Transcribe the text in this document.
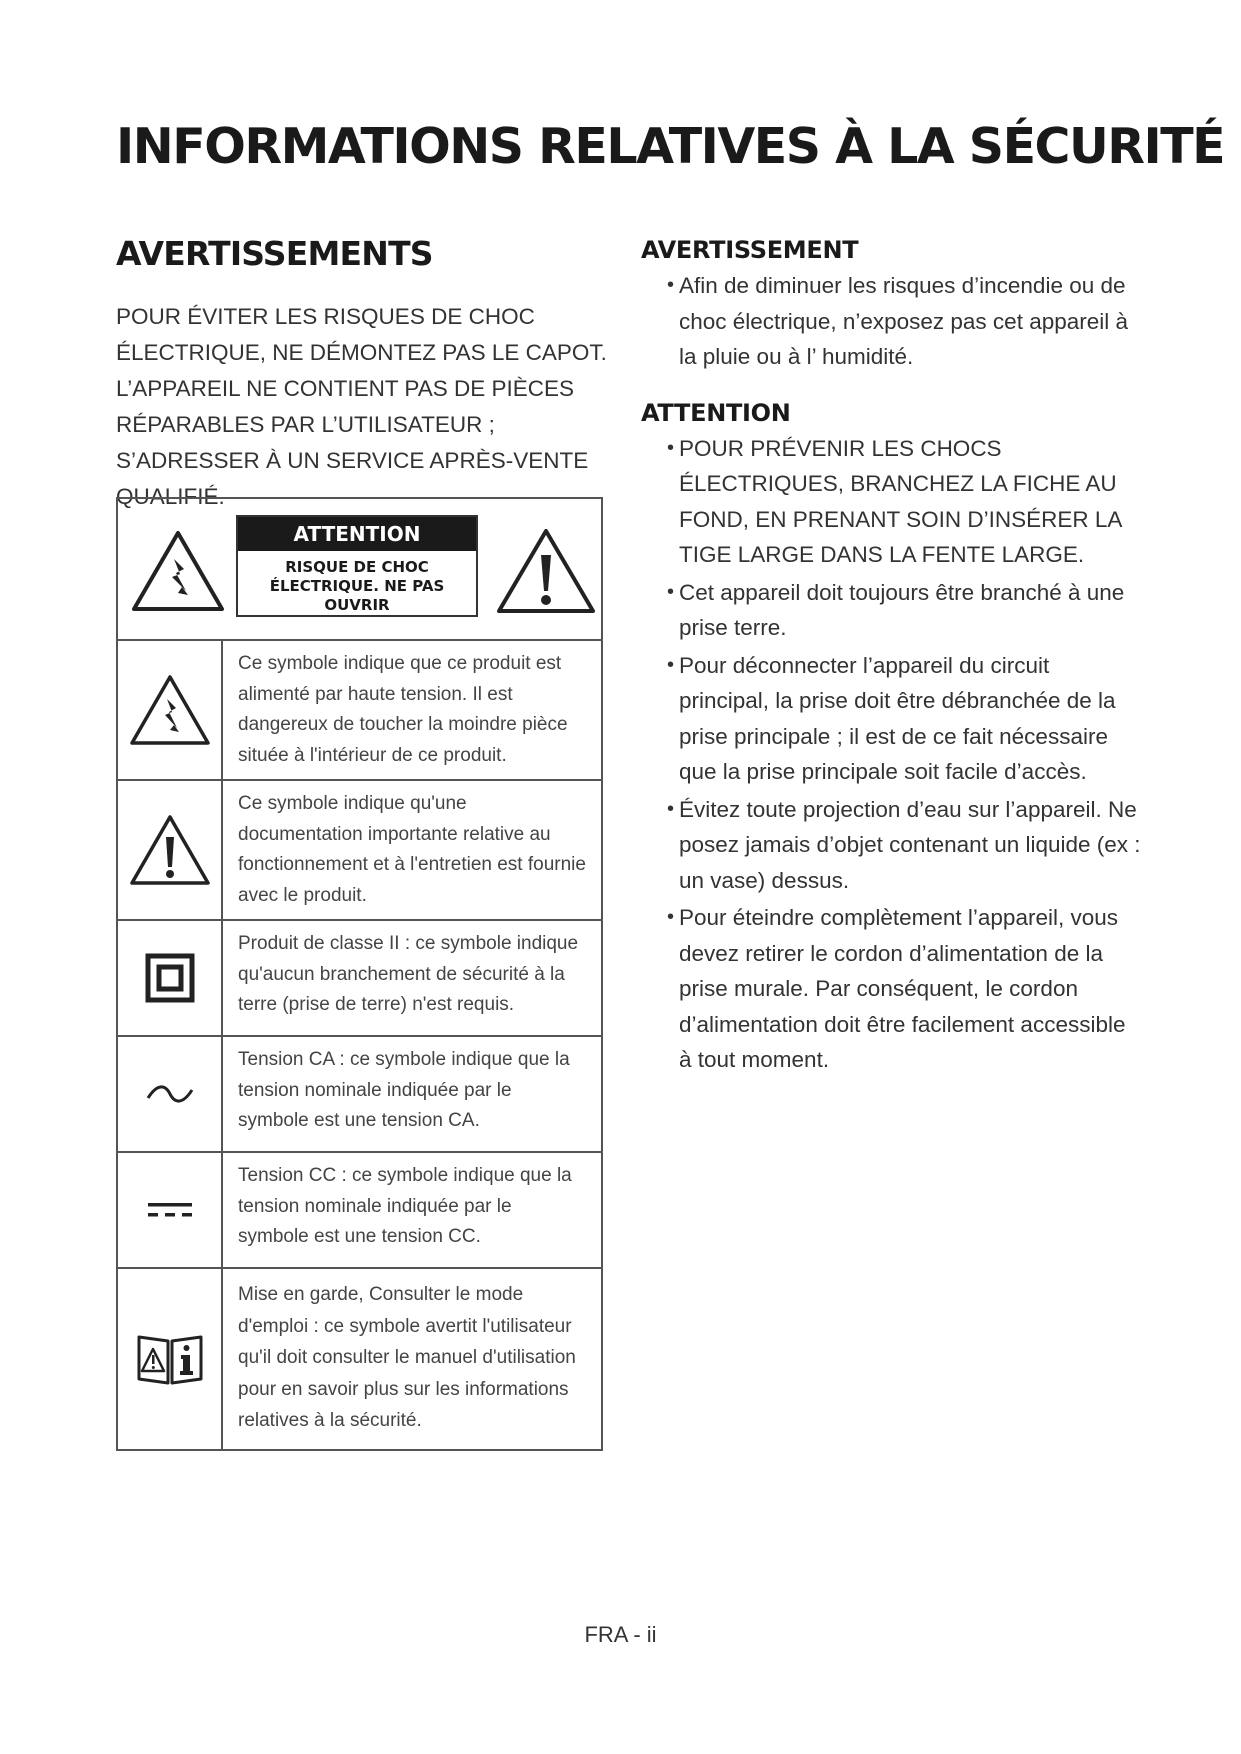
INFORMATIONS RELATIVES À LA SÉCURITÉ
AVERTISSEMENTS

POUR ÉVITER LES RISQUES DE CHOC ÉLECTRIQUE, NE DÉMONTEZ PAS LE CAPOT. L’APPAREIL NE CONTIENT PAS DE PIÈCES RÉPARABLES PAR L’UTILISATEUR ; S’ADRESSER À UN SERVICE APRÈS-VENTE QUALIFIÉ.

ATTENTION
RISQUE DE CHOC ÉLECTRIQUE. NE PAS OUVRIR
Ce symbole indique que ce produit est alimenté par haute tension. Il est dangereux de toucher la moindre pièce située à l'intérieur de ce produit.
Ce symbole indique qu'une documentation importante relative au fonctionnement et à l'entretien est fournie avec le produit.
Produit de classe II : ce symbole indique qu'aucun branchement de sécurité à la terre (prise de terre) n'est requis.
Tension CA : ce symbole indique que la tension nominale indiquée par le symbole est une tension CA.
Tension CC : ce symbole indique que la tension nominale indiquée par le symbole est une tension CC.
Mise en garde, Consulter le mode d'emploi : ce symbole avertit l'utilisateur qu'il doit consulter le manuel d'utilisation pour en savoir plus sur les informations relatives à la sécurité.
AVERTISSEMENT
• Afin de diminuer les risques d’incendie ou de choc électrique, n’exposez pas cet appareil à la pluie ou à l’ humidité.
ATTENTION
• POUR PRÉVENIR LES CHOCS ÉLECTRIQUES, BRANCHEZ LA FICHE AU FOND, EN PRENANT SOIN D’INSÉRER LA TIGE LARGE DANS LA FENTE LARGE.
• Cet appareil doit toujours être branché à une prise terre.
• Pour déconnecter l’appareil du circuit principal, la prise doit être débranchée de la prise principale ; il est de ce fait nécessaire que la prise principale soit facile d’accès.
• Évitez toute projection d’eau sur l’appareil. Ne posez jamais d’objet contenant un liquide (ex : un vase) dessus.
• Pour éteindre complètement l’appareil, vous devez retirer le cordon d’alimentation de la prise murale. Par conséquent, le cordon d’alimentation doit être facilement accessible à tout moment.
FRA - ii
